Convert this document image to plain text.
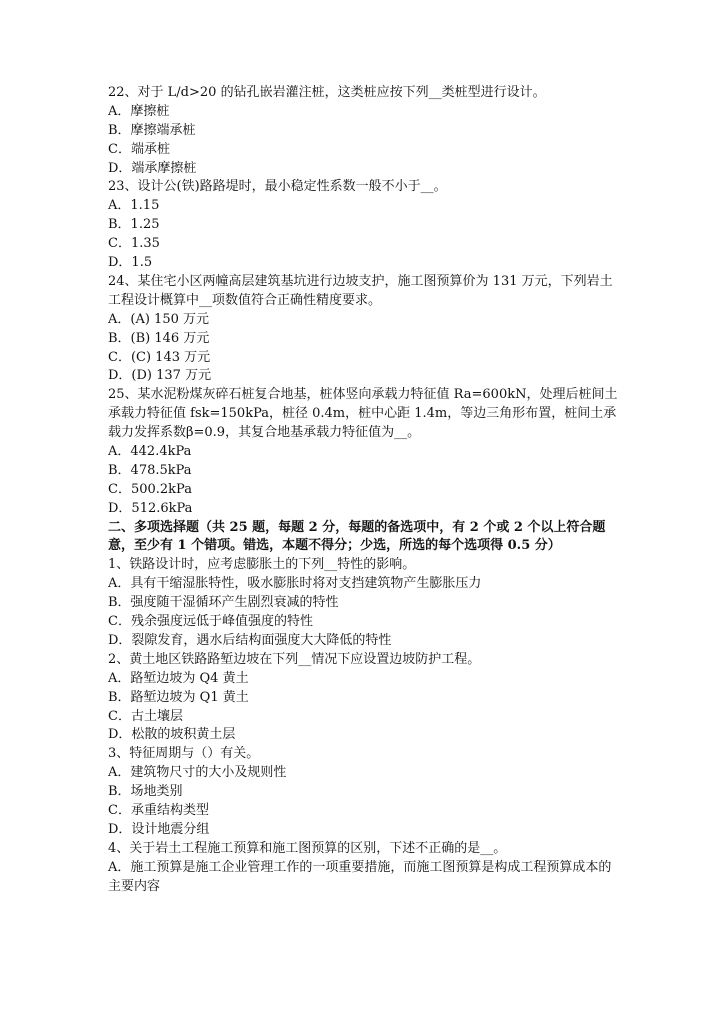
22、对于 L/d>20 的钻孔嵌岩灌注桩，这类桩应按下列__类桩型进行设计。
A．摩擦桩
B．摩擦端承桩
C．端承桩
D．端承摩擦桩
23、设计公(铁)路路堤时，最小稳定性系数一般不小于__。
A．1.15
B．1.25
C．1.35
D．1.5
24、某住宅小区两幢高层建筑基坑进行边坡支护，施工图预算价为 131 万元，下列岩土工程设计概算中__项数值符合正确性精度要求。
A．(A) 150 万元
B．(B) 146 万元
C．(C) 143 万元
D．(D) 137 万元
25、某水泥粉煤灰碎石桩复合地基，桩体竖向承载力特征值 Ra=600kN，处理后桩间土承载力特征值 fsk=150kPa，桩径 0.4m，桩中心距 1.4m，等边三角形布置，桩间土承载力发挥系数β=0.9，其复合地基承载力特征值为__。
A．442.4kPa
B．478.5kPa
C．500.2kPa
D．512.6kPa
二、多项选择题（共 25 题，每题 2 分，每题的备选项中，有 2 个或 2 个以上符合题意，至少有 1 个错项。错选，本题不得分；少选，所选的每个选项得 0.5 分）
1、铁路设计时，应考虑膨胀土的下列__特性的影响。
A．具有干缩湿胀特性，吸水膨胀时将对支挡建筑物产生膨胀压力
B．强度随干湿循环产生剧烈衰减的特性
C．残余强度远低于峰值强度的特性
D．裂隙发育，遇水后结构面强度大大降低的特性
2、黄土地区铁路路堑边坡在下列__情况下应设置边坡防护工程。
A．路堑边坡为 Q4 黄土
B．路堑边坡为 Q1 黄土
C．古土壤层
D．松散的坡积黄土层
3、特征周期与（）有关。
A．建筑物尺寸的大小及规则性
B．场地类别
C．承重结构类型
D．设计地震分组
4、关于岩土工程施工预算和施工图预算的区别，下述不正确的是__。
A．施工预算是施工企业管理工作的一项重要措施，而施工图预算是构成工程预算成本的主要内容
